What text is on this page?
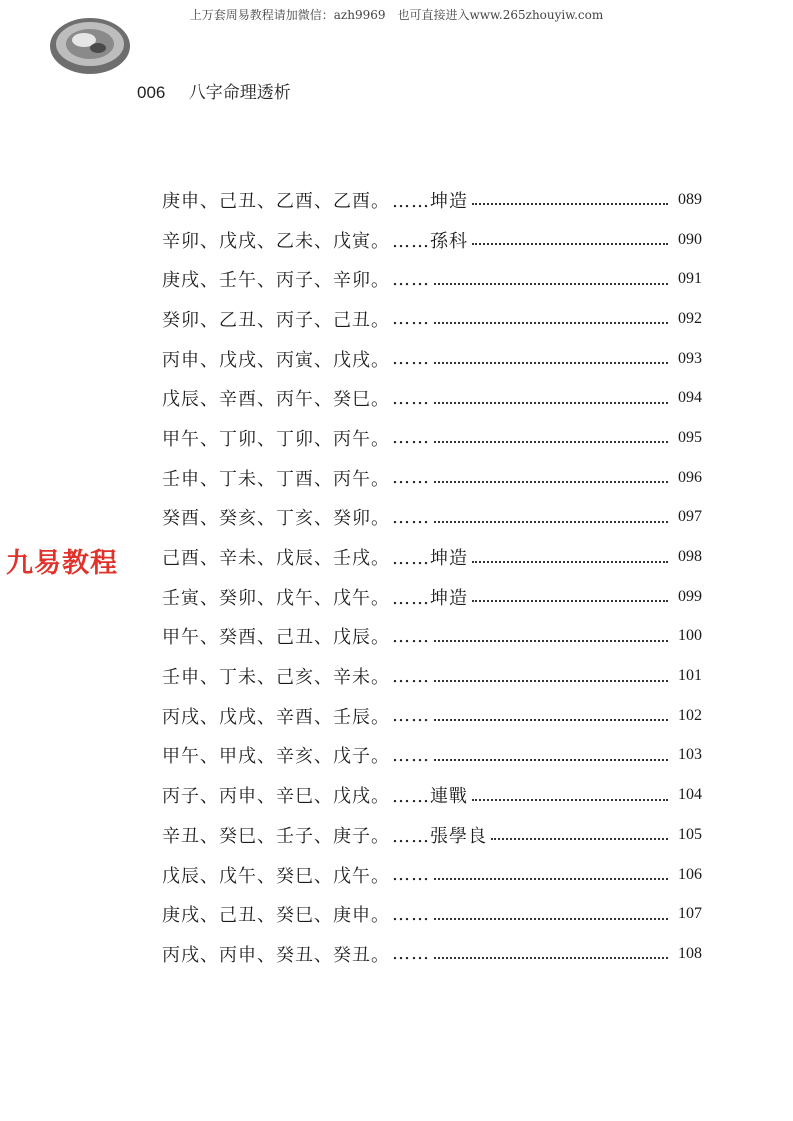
上万套周易教程请加微信：azh9969　也可直接进入www.265zhouyiw.com
006 八字命理透析
九易教程
庚申、己丑、乙酉、乙酉。 ……坤造	089
辛卯、戊戌、乙未、戊寅。 ……孫科	090
庚戌、壬午、丙子、辛卯。 ……	091
癸卯、乙丑、丙子、己丑。 ……	092
丙申、戊戌、丙寅、戊戌。 ……	093
戊辰、辛酉、丙午、癸巳。 ……	094
甲午、丁卯、丁卯、丙午。 ……	095
壬申、丁未、丁酉、丙午。 ……	096
癸酉、癸亥、丁亥、癸卯。 ……	097
己酉、辛未、戊辰、壬戌。 ……坤造	098
壬寅、癸卯、戊午、戊午。 ……坤造	099
甲午、癸酉、己丑、戊辰。 ……	100
壬申、丁未、己亥、辛未。 ……	101
丙戌、戊戌、辛酉、壬辰。 ……	102
甲午、甲戌、辛亥、戊子。 ……	103
丙子、丙申、辛巳、戊戌。 ……連戰	104
辛丑、癸巳、壬子、庚子。 ……張學良	105
戊辰、戊午、癸巳、戊午。 ……	106
庚戌、己丑、癸巳、庚申。 ……	107
丙戌、丙申、癸丑、癸丑。 ……	108
